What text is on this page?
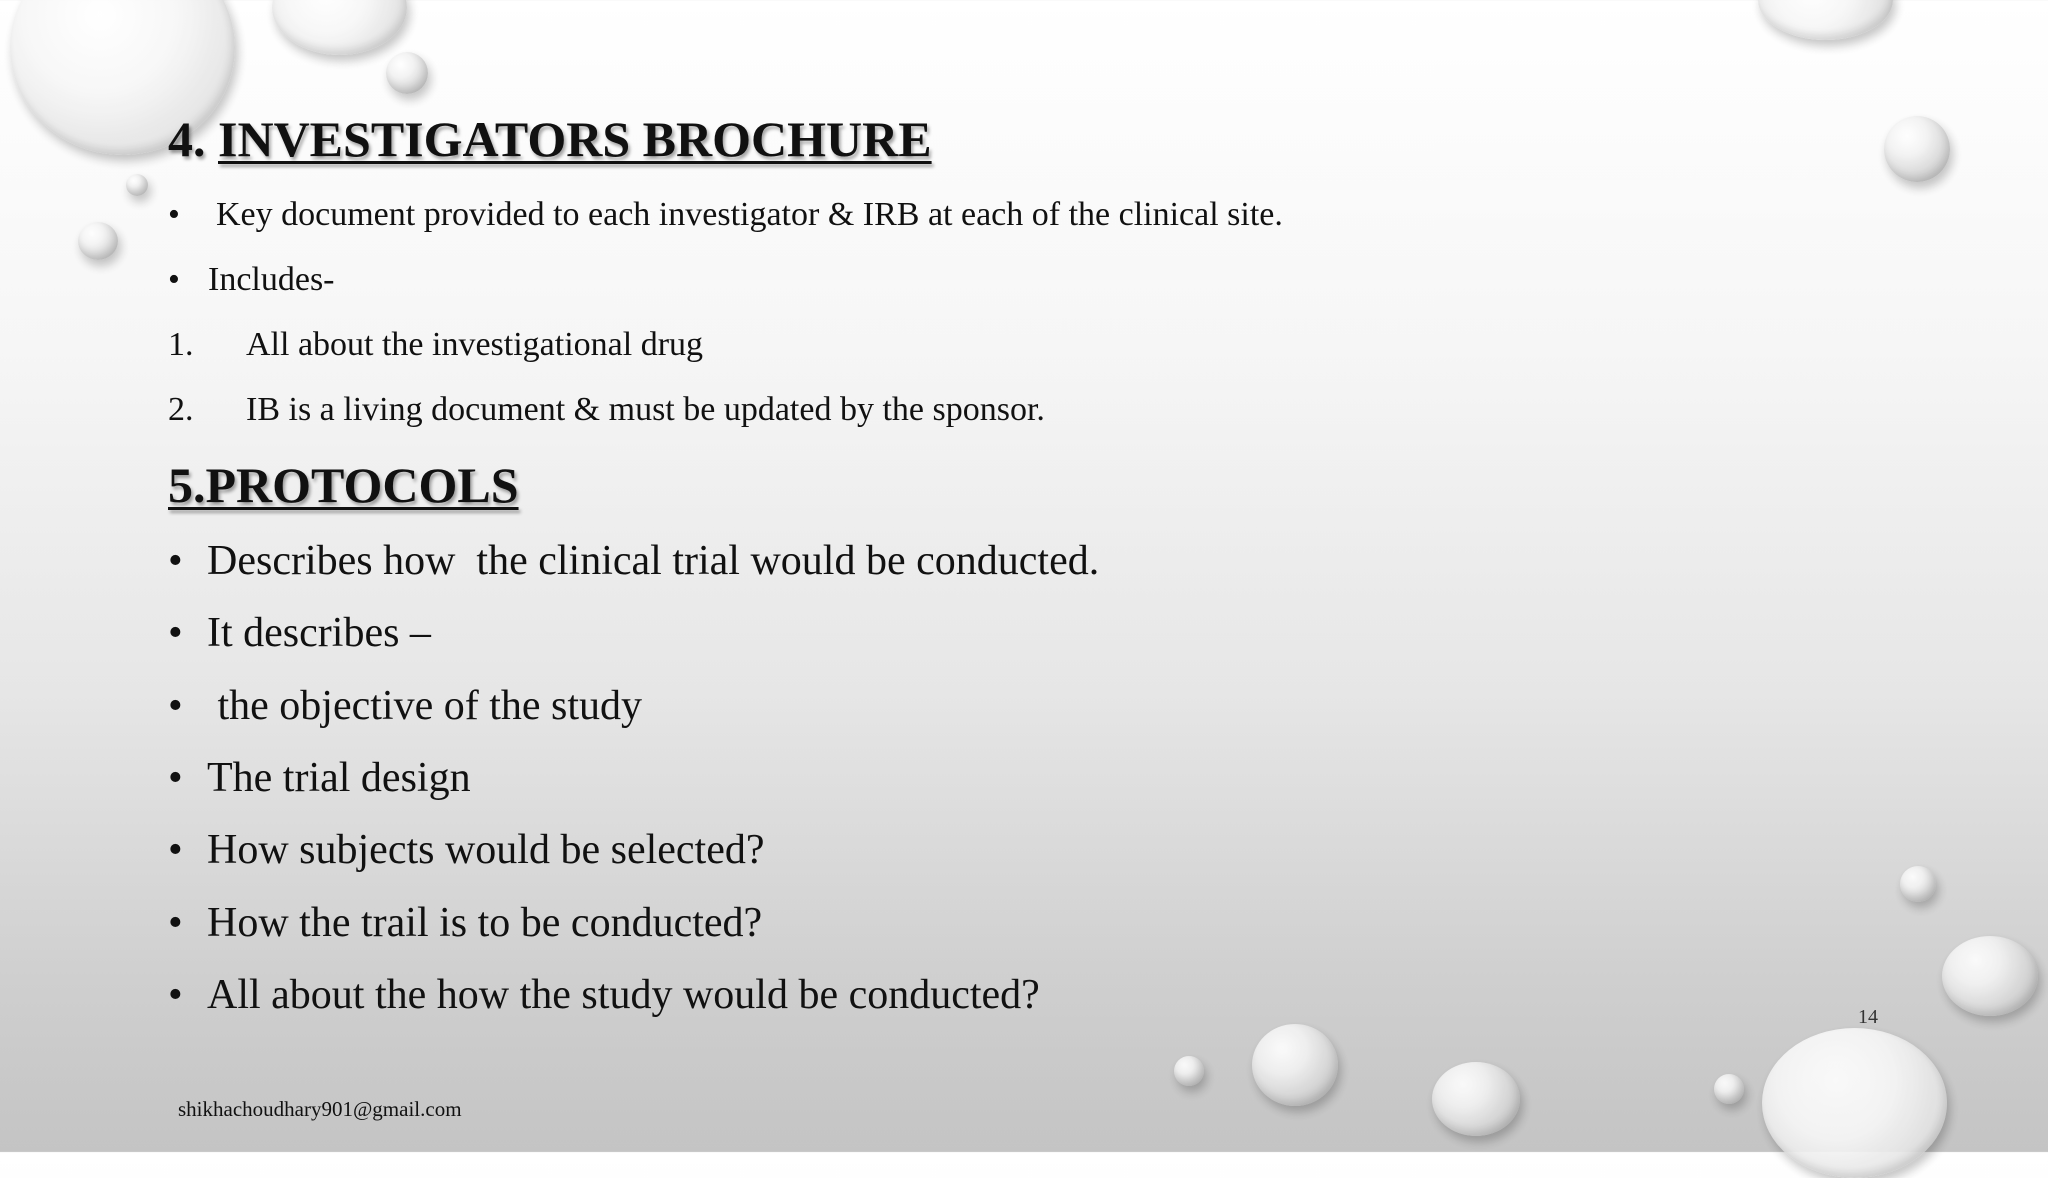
4. INVESTIGATORS BROCHURE
• Key document provided to each investigator & IRB at each of the clinical site.
• Includes-
1. All about the investigational drug
2. IB is a living document & must be updated by the sponsor.
5.PROTOCOLS
• Describes how  the clinical trial would be conducted.
• It describes –
• the objective of the study
• The trial design
• How subjects would be selected?
• How the trail is to be conducted?
• All about the how the study would be conducted?	14
shikhachoudhary901@gmail.com
